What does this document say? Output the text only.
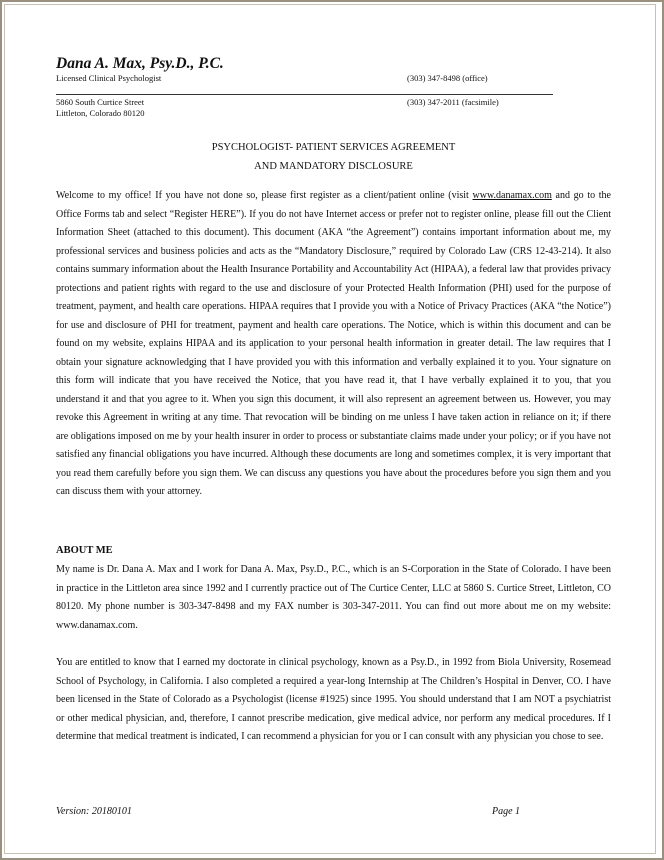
Dana A. Max, Psy.D., P.C.
Licensed Clinical Psychologist	(303) 347-8498 (office)
5860 South Curtice Street	(303) 347-2011 (facsimile)
Littleton, Colorado 80120
PSYCHOLOGIST- PATIENT SERVICES AGREEMENT
AND MANDATORY DISCLOSURE

Welcome to my office! If you have not done so, please first register as a client/patient online (visit www.danamax.com and go to the Office Forms tab and select “Register HERE”). If you do not have Internet access or prefer not to register online, please fill out the Client Information Sheet (attached to this document). This document (AKA “the Agreement”) contains important information about me, my professional services and business policies and acts as the “Mandatory Disclosure,” required by Colorado Law (CRS 12-43-214). It also contains summary information about the Health Insurance Portability and Accountability Act (HIPAA), a federal law that provides privacy protections and patient rights with regard to the use and disclosure of your Protected Health Information (PHI) used for the purpose of treatment, payment, and health care operations. HIPAA requires that I provide you with a Notice of Privacy Practices (AKA “the Notice”) for use and disclosure of PHI for treatment, payment and health care operations. The Notice, which is within this document and can be found on my website, explains HIPAA and its application to your personal health information in greater detail. The law requires that I obtain your signature acknowledging that I have provided you with this information and verbally explained it to you. Your signature on this form will indicate that you have received the Notice, that you have read it, that I have verbally explained it to you, that you understand it and that you agree to it. When you sign this document, it will also represent an agreement between us. However, you may revoke this Agreement in writing at any time. That revocation will be binding on me unless I have taken action in reliance on it; if there are obligations imposed on me by your health insurer in order to process or substantiate claims made under your policy; or if you have not satisfied any financial obligations you have incurred. Although these documents are long and sometimes complex, it is very important that you read them carefully before you sign them. We can discuss any questions you have about the procedures before you sign them and you can discuss them with your attorney.

ABOUT ME

My name is Dr. Dana A. Max and I work for Dana A. Max, Psy.D., P.C., which is an S-Corporation in the State of Colorado. I have been in practice in the Littleton area since 1992 and I currently practice out of The Curtice Center, LLC at 5860 S. Curtice Street, Littleton, CO 80120. My phone number is 303-347-8498 and my FAX number is 303-347-2011. You can find out more about me on my website: www.danamax.com.

You are entitled to know that I earned my doctorate in clinical psychology, known as a Psy.D., in 1992 from Biola University, Rosemead School of Psychology, in California. I also completed a required a year-long Internship at The Children’s Hospital in Denver, CO. I have been licensed in the State of Colorado as a Psychologist (license #1925) since 1995. You should understand that I am NOT a psychiatrist or other medical physician, and, therefore, I cannot prescribe medication, give medical advice, nor perform any medical procedures. If I determine that medical treatment is indicated, I can recommend a physician for you or I can consult with any physician you chose to see.

Version: 20180101	Page 1
